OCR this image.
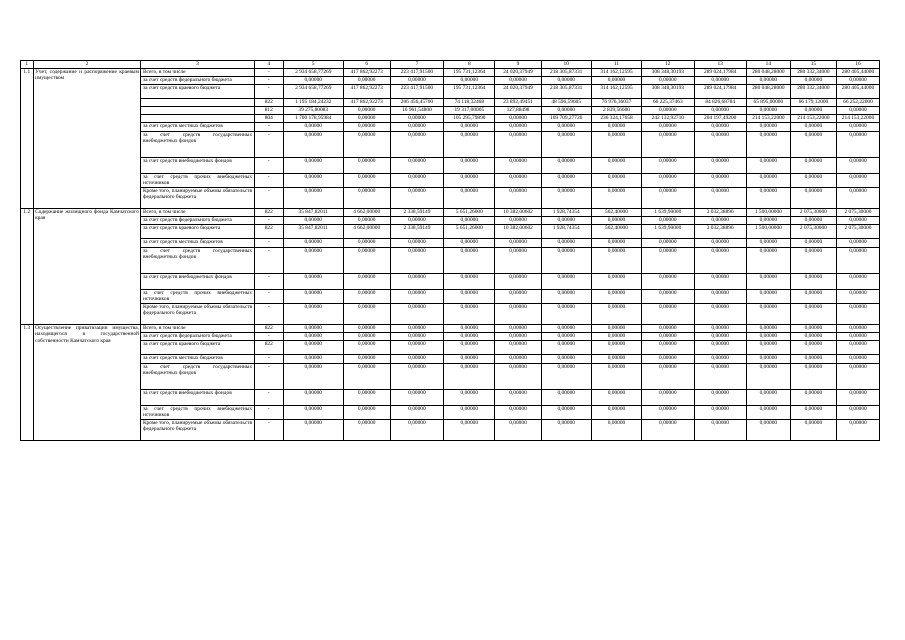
1	2	3	4	5	6	7	8	9	10	11	12	13	14	15	16
1.1	Учет, содержание и распоряжение краевым имуществом	Всего, в том числе	-	2 934 658,77269	417 862,92273	223 417,91500	195 731,12364	24 020,37949	218 305,87331	314 162,12595	308 348,30193	289 024,17984	280 048,28000	280 332,34000	280 405,44000
		за счет средств федерального бюджета	-	0,00000	0,00000	0,00000	0,00000	0,00000	0,00000	0,00000	0,00000	0,00000	0,00000	0,00000	0,00000
		за счет средств краевого бюджета	-	2 934 658,77269	417 862,92273	223 417,91500	195 731,12364	24 020,37949	218 305,87331	314 162,12595	308 348,30193	289 024,17984	280 048,28000	280 332,34000	280 405,44000
			822	1 195 184,24232	417 862,92273	206 456,45700	74 118,32468	23 892,49451	48 596,59605	76 976,36037	66 225,37463	84 826,68784	65 895,00000	66 179,12000	66 252,22000
			812	39 275,80083	0,00000	16 961,54800	19 317,00005	127,88498	0,00000	2 839,56600	0,00000	0,00000	0,00000	0,00000	0,00000
			804	1 700 178,95984	0,00000	0,00000	105 295,79890	0,00000	169 709,27726	236 324,17658	242 132,92710	204 197,49200	214 153,22000	214 153,22000	214 153,22000
		за счет средств местных бюджетов	-	0,00000	0,00000	0,00000	0,00000	0,00000	0,00000	0,00000	0,00000	0,00000	0,00000	0,00000	0,00000
		за счет средств государственных внебюджетных фондов	-	0,00000	0,00000	0,00000	0,00000	0,00000	0,00000	0,00000	0,00000	0,00000	0,00000	0,00000	0,00000
		за счет средств внебюджетных фондов	-	0,00000	0,00000	0,00000	0,00000	0,00000	0,00000	0,00000	0,00000	0,00000	0,00000	0,00000	0,00000
		за счет средств прочих внебюджетных источников	-	0,00000	0,00000	0,00000	0,00000	0,00000	0,00000	0,00000	0,00000	0,00000	0,00000	0,00000	0,00000
		Кроме того, планируемые объемы обязательств федерального бюджета	-	0,00000	0,00000	0,00000	0,00000	0,00000	0,00000	0,00000	0,00000	0,00000	0,00000	0,00000	0,00000
1.2	Содержание жилищного фонда Камчатского края	Всего, в том числе	822	35 847,82011	4 662,00000	2 338,59149	5 651,26000	10 382,00602	1 928,74354	562,40000	1 639,90000	3 032,38896	1 500,00000	2 075,30000	2 075,30000
		за счет средств федерального бюджета	-	0,00000	0,00000	0,00000	0,00000	0,00000	0,00000	0,00000	0,00000	0,00000	0,00000	0,00000	0,00000
		за счет средств краевого бюджета	822	35 847,82011	4 662,00000	2 338,59149	5 651,26000	10 382,00602	1 928,74354	562,40000	1 639,90000	3 032,38896	1 500,00000	2 075,30000	2 075,30000
		за счет средств местных бюджетов	-	0,00000	0,00000	0,00000	0,00000	0,00000	0,00000	0,00000	0,00000	0,00000	0,00000	0,00000	0,00000
		за счет средств государственных внебюджетных фондов	-	0,00000	0,00000	0,00000	0,00000	0,00000	0,00000	0,00000	0,00000	0,00000	0,00000	0,00000	0,00000
		за счет средств внебюджетных фондов	-	0,00000	0,00000	0,00000	0,00000	0,00000	0,00000	0,00000	0,00000	0,00000	0,00000	0,00000	0,00000
		за счет средств прочих внебюджетных источников	-	0,00000	0,00000	0,00000	0,00000	0,00000	0,00000	0,00000	0,00000	0,00000	0,00000	0,00000	0,00000
		Кроме того, планируемые объемы обязательств федерального бюджета	-	0,00000	0,00000	0,00000	0,00000	0,00000	0,00000	0,00000	0,00000	0,00000	0,00000	0,00000	0,00000
1.3	Осуществление приватизации имущества, находящегося в государственной собственности Камчатского края	Всего, в том числе	822	0,00000	0,00000	0,00000	0,00000	0,00000	0,00000	0,00000	0,00000	0,00000	0,00000	0,00000	0,00000
		за счет средств федерального бюджета	-	0,00000	0,00000	0,00000	0,00000	0,00000	0,00000	0,00000	0,00000	0,00000	0,00000	0,00000	0,00000
		за счет средств краевого бюджета	822	0,00000	0,00000	0,00000	0,00000	0,00000	0,00000	0,00000	0,00000	0,00000	0,00000	0,00000	0,00000
		за счет средств местных бюджетов	-	0,00000	0,00000	0,00000	0,00000	0,00000	0,00000	0,00000	0,00000	0,00000	0,00000	0,00000	0,00000
		за счет средств государственных внебюджетных фондов	-	0,00000	0,00000	0,00000	0,00000	0,00000	0,00000	0,00000	0,00000	0,00000	0,00000	0,00000	0,00000
		за счет средств внебюджетных фондов	-	0,00000	0,00000	0,00000	0,00000	0,00000	0,00000	0,00000	0,00000	0,00000	0,00000	0,00000	0,00000
		за счет средств прочих внебюджетных источников	-	0,00000	0,00000	0,00000	0,00000	0,00000	0,00000	0,00000	0,00000	0,00000	0,00000	0,00000	0,00000
		Кроме того, планируемые объемы обязательств федерального бюджета	-	0,00000	0,00000	0,00000	0,00000	0,00000	0,00000	0,00000	0,00000	0,00000	0,00000	0,00000	0,00000
